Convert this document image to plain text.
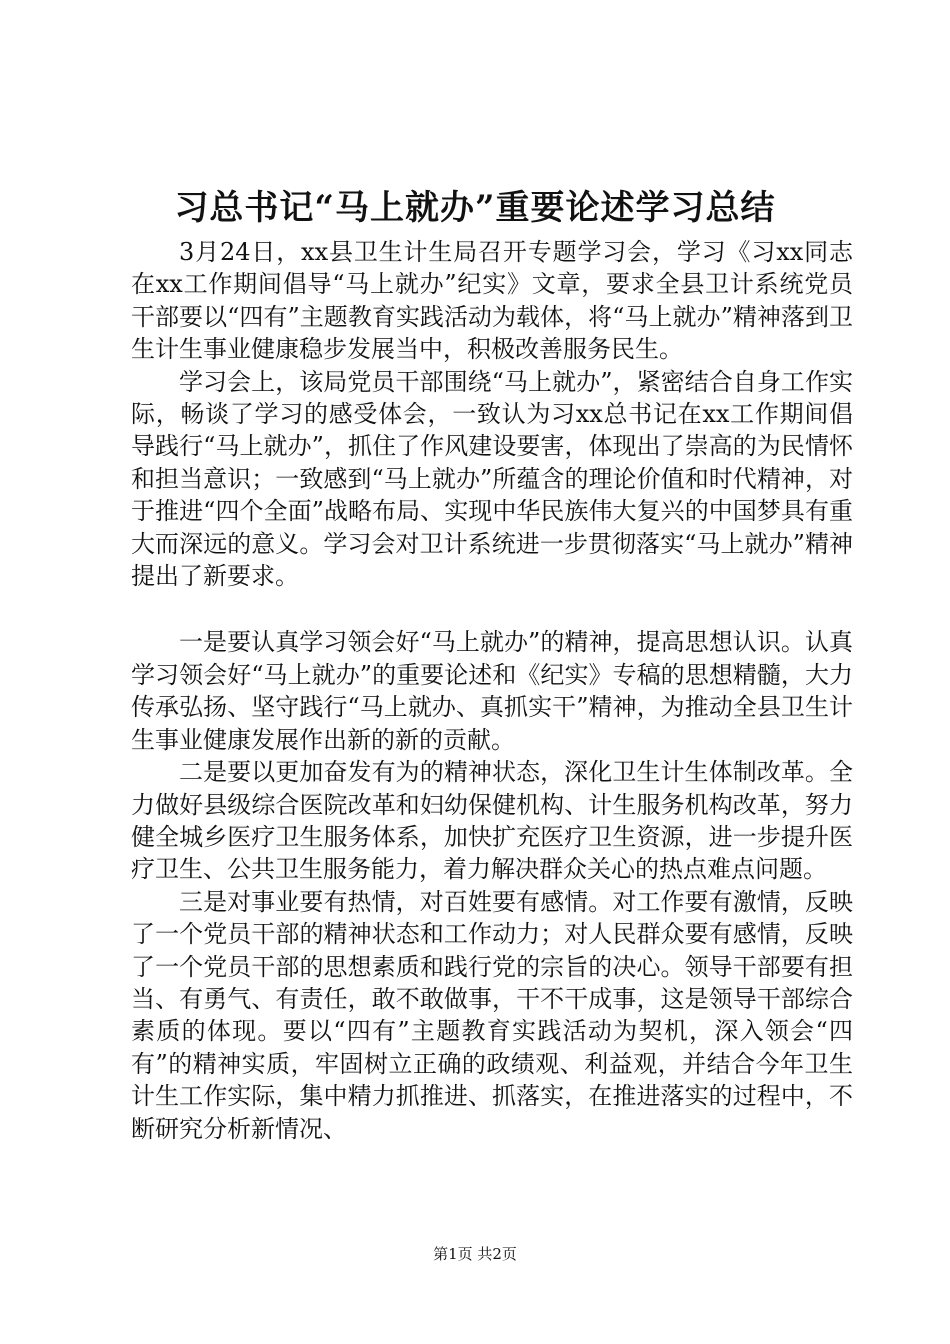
习总书记“马上就办”重要论述学习总结

3月24日，xx县卫生计生局召开专题学习会，学习《习xx同志在xx工作期间倡导“马上就办”纪实》文章，要求全县卫计系统党员干部要以“四有”主题教育实践活动为载体，将“马上就办”精神落到卫生计生事业健康稳步发展当中，积极改善服务民生。

学习会上，该局党员干部围绕“马上就办”，紧密结合自身工作实际，畅谈了学习的感受体会，一致认为习xx总书记在xx工作期间倡导践行“马上就办”，抓住了作风建设要害，体现出了崇高的为民情怀和担当意识；一致感到“马上就办”所蕴含的理论价值和时代精神，对于推进“四个全面”战略布局、实现中华民族伟大复兴的中国梦具有重大而深远的意义。学习会对卫计系统进一步贯彻落实“马上就办”精神提出了新要求。

一是要认真学习领会好“马上就办”的精神，提高思想认识。认真学习领会好“马上就办”的重要论述和《纪实》专稿的思想精髓，大力传承弘扬、坚守践行“马上就办、真抓实干”精神，为推动全县卫生计生事业健康发展作出新的新的贡献。

二是要以更加奋发有为的精神状态，深化卫生计生体制改革。全力做好县级综合医院改革和妇幼保健机构、计生服务机构改革，努力健全城乡医疗卫生服务体系，加快扩充医疗卫生资源，进一步提升医疗卫生、公共卫生服务能力，着力解决群众关心的热点难点问题。

三是对事业要有热情，对百姓要有感情。对工作要有激情，反映了一个党员干部的精神状态和工作动力；对人民群众要有感情，反映了一个党员干部的思想素质和践行党的宗旨的决心。领导干部要有担当、有勇气、有责任，敢不敢做事，干不干成事，这是领导干部综合素质的体现。要以“四有”主题教育实践活动为契机，深入领会“四有”的精神实质，牢固树立正确的政绩观、利益观，并结合今年卫生计生工作实际，集中精力抓推进、抓落实，在推进落实的过程中，不断研究分析新情况、

第1页 共2页
